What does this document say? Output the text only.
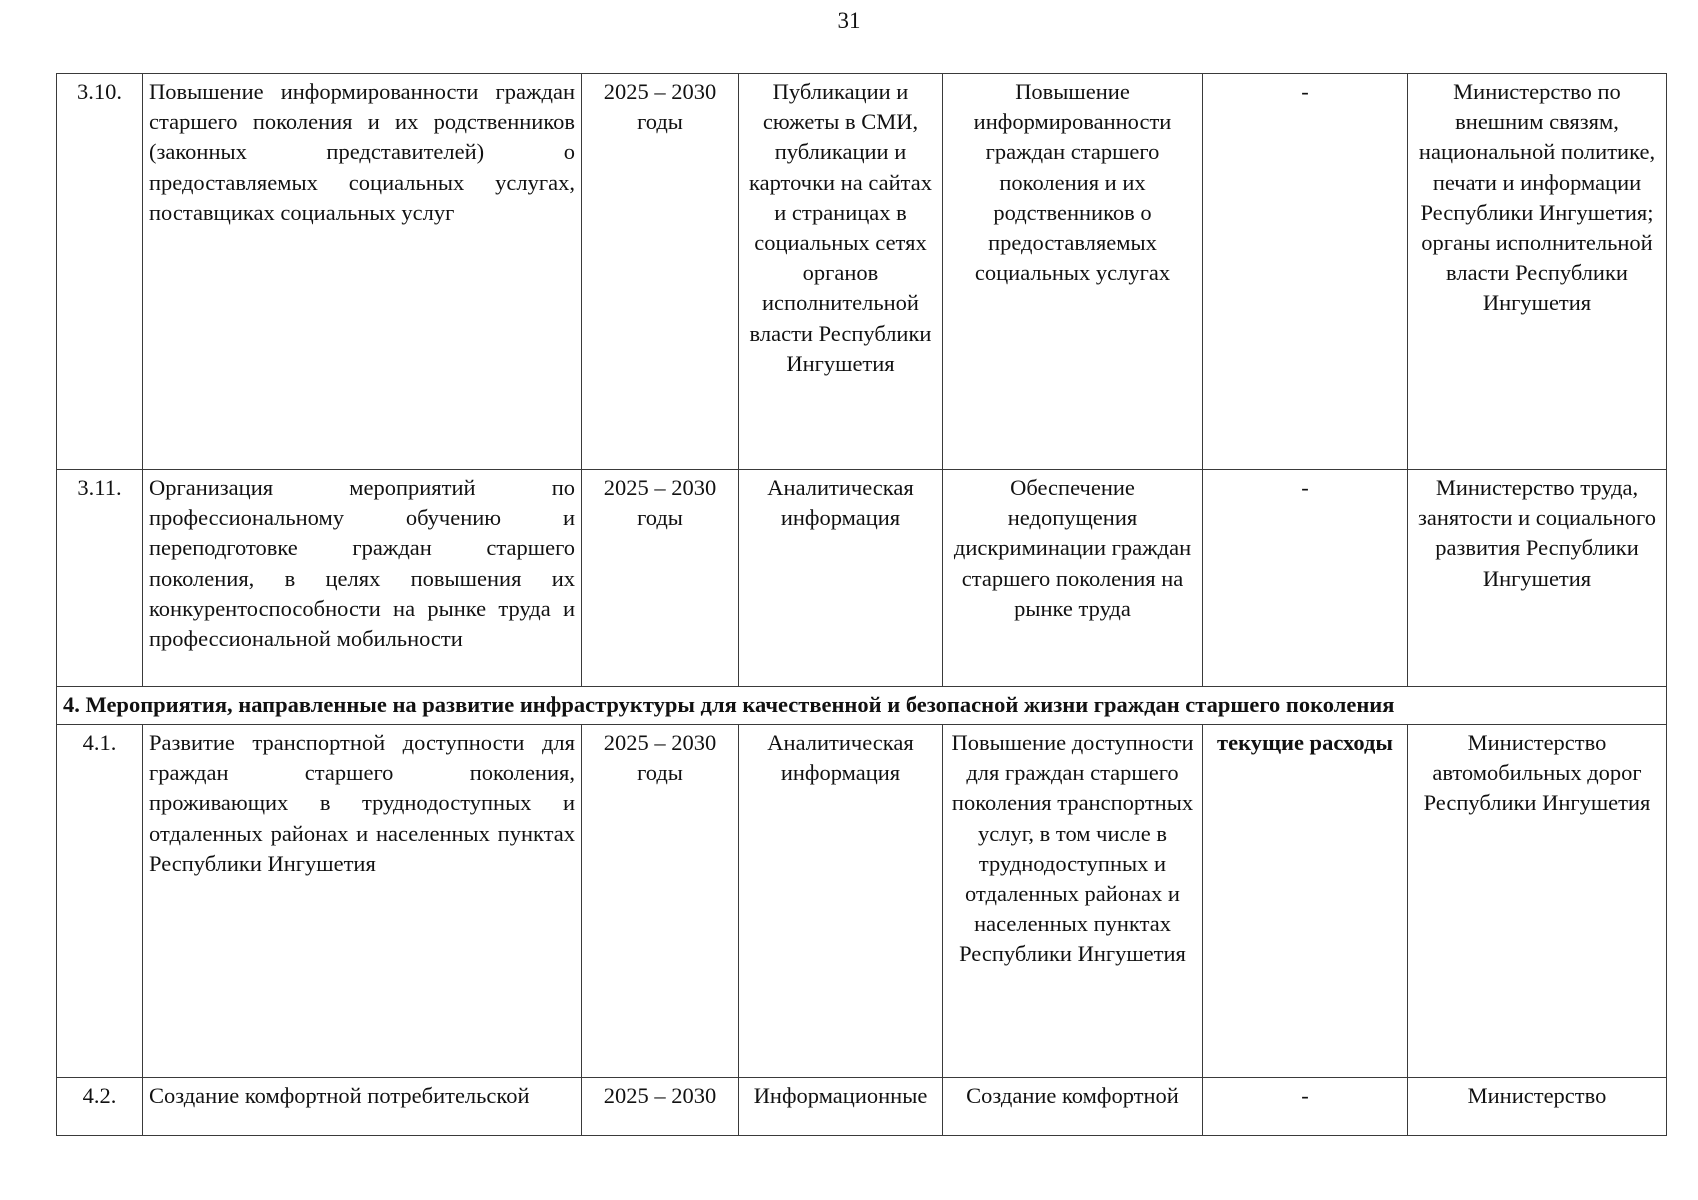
31
3.10.	Повышение информированности граждан старшего поколения и их родственников (законных представителей) о предоставляемых социальных услугах, поставщиках социальных услуг	2025 – 2030 годы	Публикации и сюжеты в СМИ, публикации и карточки на сайтах и страницах в социальных сетях органов исполнительной власти Республики Ингушетия	Повышение информированности граждан старшего поколения и их родственников о предоставляемых социальных услугах	-	Министерство по внешним связям, национальной политике, печати и информации Республики Ингушетия; органы исполнительной власти Республики Ингушетия
3.11.	Организация мероприятий по профессиональному обучению и переподготовке граждан старшего поколения, в целях повышения их конкурентоспособности на рынке труда и профессиональной мобильности	2025 – 2030 годы	Аналитическая информация	Обеспечение недопущения дискриминации граждан старшего поколения на рынке труда	-	Министерство труда, занятости и социального развития Республики Ингушетия
4. Мероприятия, направленные на развитие инфраструктуры для качественной и безопасной жизни граждан старшего поколения						
4.1.	Развитие транспортной доступности для граждан старшего поколения, проживающих в труднодоступных и отдаленных районах и населенных пунктах Республики Ингушетия	2025 – 2030 годы	Аналитическая информация	Повышение доступности для граждан старшего поколения транспортных услуг, в том числе в труднодоступных и отдаленных районах и населенных пунктах Республики Ингушетия	текущие расходы	Министерство автомобильных дорог Республики Ингушетия
4.2.	Создание комфортной потребительской	2025 – 2030	Информационные	Создание комфортной	-	Министерство
